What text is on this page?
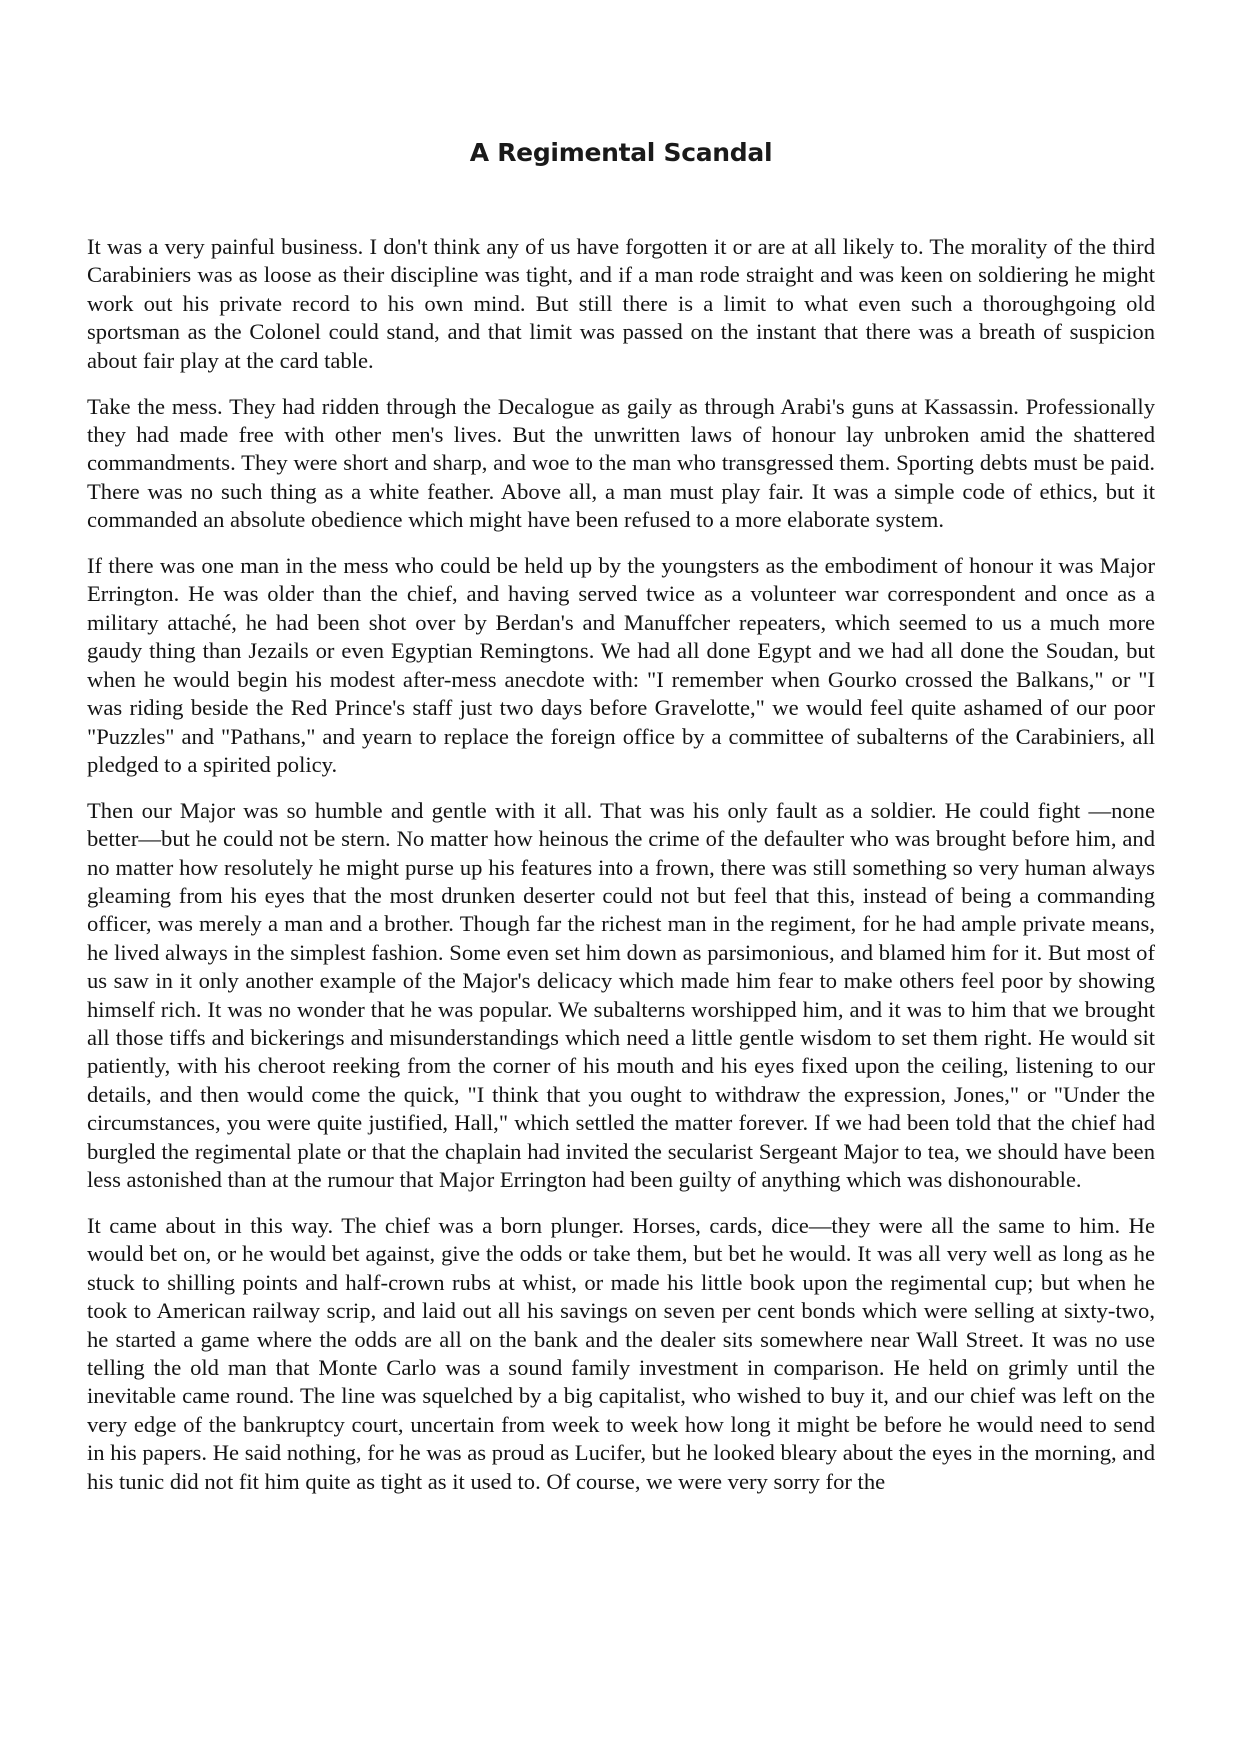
A Regimental Scandal

It was a very painful business. I don't think any of us have forgotten it or are at all likely to. The morality of the third Carabiniers was as loose as their discipline was tight, and if a man rode straight and was keen on soldiering he might work out his private record to his own mind. But still there is a limit to what even such a thoroughgoing old sportsman as the Colonel could stand, and that limit was passed on the instant that there was a breath of suspicion about fair play at the card table.

Take the mess. They had ridden through the Decalogue as gaily as through Arabi's guns at Kassassin. Professionally they had made free with other men's lives. But the unwritten laws of honour lay unbroken amid the shattered commandments. They were short and sharp, and woe to the man who transgressed them. Sporting debts must be paid. There was no such thing as a white feather. Above all, a man must play fair. It was a simple code of ethics, but it commanded an absolute obedience which might have been refused to a more elaborate system.

If there was one man in the mess who could be held up by the youngsters as the embodiment of honour it was Major Errington. He was older than the chief, and having served twice as a volunteer war correspondent and once as a military attaché, he had been shot over by Berdan's and Manuffcher repeaters, which seemed to us a much more gaudy thing than Jezails or even Egyptian Remingtons. We had all done Egypt and we had all done the Soudan, but when he would begin his modest after-mess anecdote with: "I remember when Gourko crossed the Balkans," or "I was riding beside the Red Prince's staff just two days before Gravelotte," we would feel quite ashamed of our poor "Puzzles" and "Pathans," and yearn to replace the foreign office by a committee of subalterns of the Carabiniers, all pledged to a spirited policy.

Then our Major was so humble and gentle with it all. That was his only fault as a soldier. He could fight —none better—but he could not be stern. No matter how heinous the crime of the defaulter who was brought before him, and no matter how resolutely he might purse up his features into a frown, there was still something so very human always gleaming from his eyes that the most drunken deserter could not but feel that this, instead of being a commanding officer, was merely a man and a brother. Though far the richest man in the regiment, for he had ample private means, he lived always in the simplest fashion. Some even set him down as parsimonious, and blamed him for it. But most of us saw in it only another example of the Major's delicacy which made him fear to make others feel poor by showing himself rich. It was no wonder that he was popular. We subalterns worshipped him, and it was to him that we brought all those tiffs and bickerings and misunderstandings which need a little gentle wisdom to set them right. He would sit patiently, with his cheroot reeking from the corner of his mouth and his eyes fixed upon the ceiling, listening to our details, and then would come the quick, "I think that you ought to withdraw the expression, Jones," or "Under the circumstances, you were quite justified, Hall," which settled the matter forever. If we had been told that the chief had burgled the regimental plate or that the chaplain had invited the secularist Sergeant Major to tea, we should have been less astonished than at the rumour that Major Errington had been guilty of anything which was dishonourable.

It came about in this way. The chief was a born plunger. Horses, cards, dice—they were all the same to him. He would bet on, or he would bet against, give the odds or take them, but bet he would. It was all very well as long as he stuck to shilling points and half-crown rubs at whist, or made his little book upon the regimental cup; but when he took to American railway scrip, and laid out all his savings on seven per cent bonds which were selling at sixty-two, he started a game where the odds are all on the bank and the dealer sits somewhere near Wall Street. It was no use telling the old man that Monte Carlo was a sound family investment in comparison. He held on grimly until the inevitable came round. The line was squelched by a big capitalist, who wished to buy it, and our chief was left on the very edge of the bankruptcy court, uncertain from week to week how long it might be before he would need to send in his papers. He said nothing, for he was as proud as Lucifer, but he looked bleary about the eyes in the morning, and his tunic did not fit him quite as tight as it used to. Of course, we were very sorry for the
